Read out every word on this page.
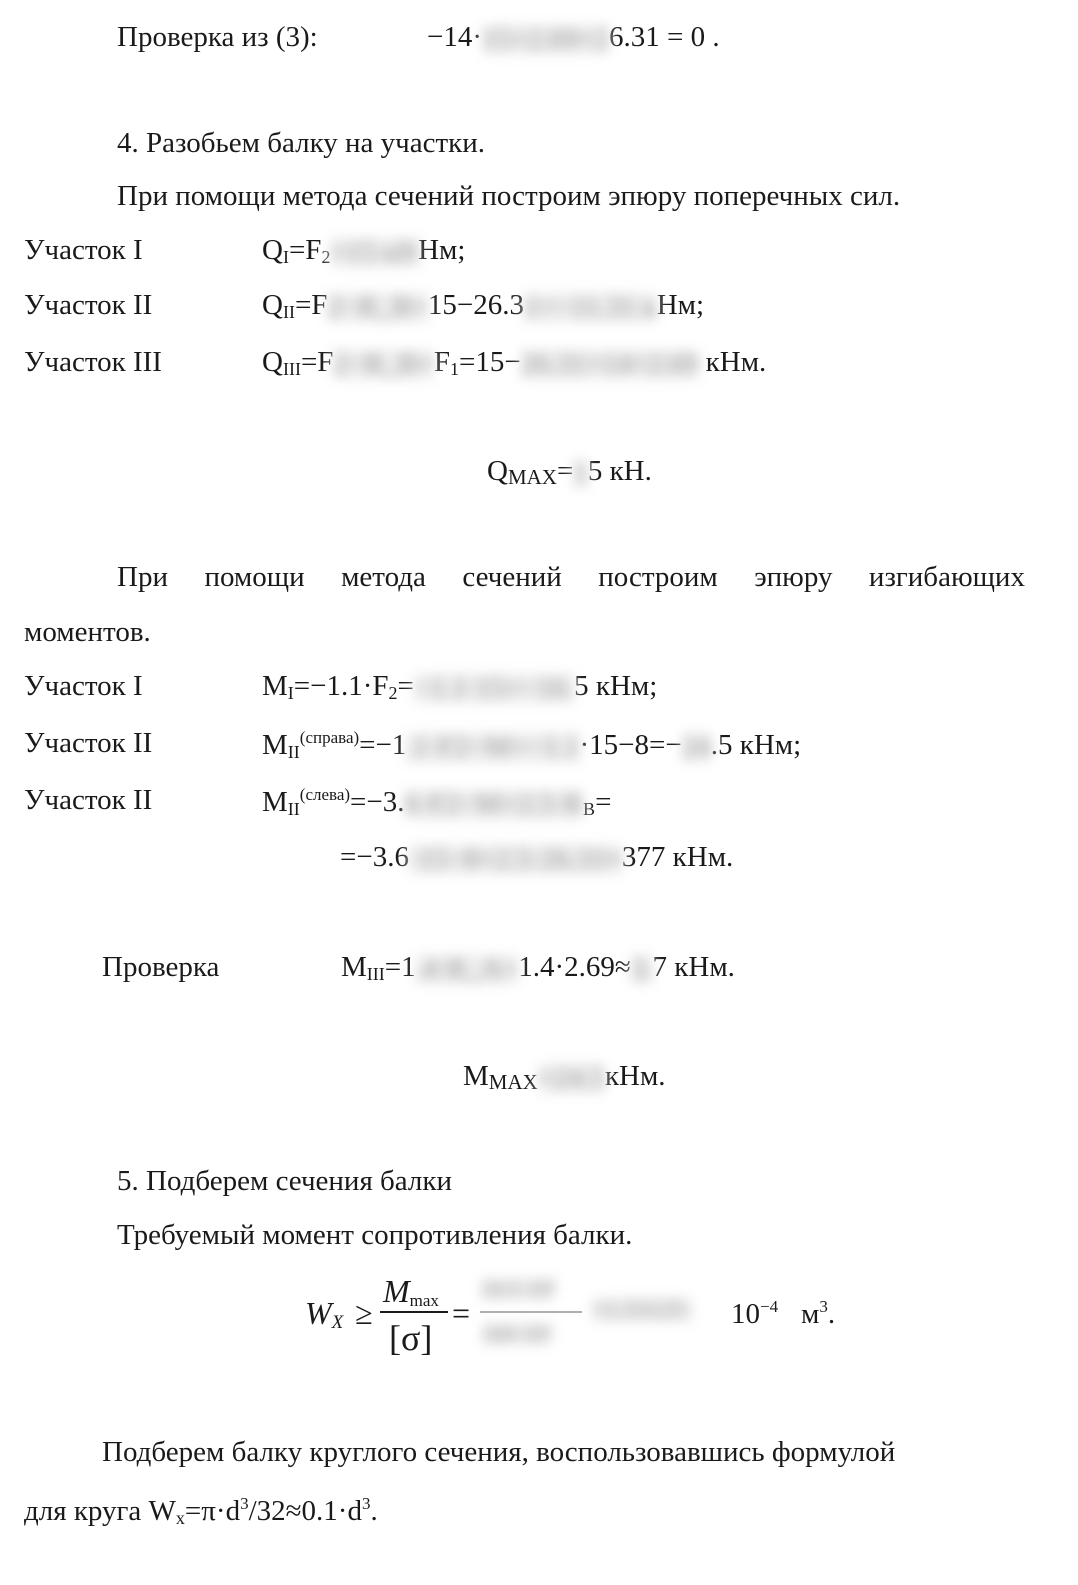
Проверка из (3):	−14·15+2.69+26.31 = 0 .
4. Разобьем балку на участки.
При помощи метода сечений построим эпюру поперечных сил.
Участок I	$Q_I=F_2=15$ кННм;
Участок II	$Q_{II}=F2-R\_B=15-26.31=-11.31$ кНм;
Участок III	$Q_{III}=F2-R\_B+F_1=15-26.31+14=2.69$ кНм.
$Q_{MAX}=15$ кН.
При помощи метода сечений построим эпюру изгибающих
моментов.
Участок I	$M_I=-1.1\cdot F_2=-1.1\cdot 15=-16.5$ кНм;
Участок II	$M_{II}^{(справа)}=-1.1\cdot F2-M=-1.1\cdot 15-8=-24.5$ кНм;
Участок II	$M_{II}^{(слева)}=-3.6\cdot F2-M+2.5\cdot R_B=$
=−3.6·15−8+2.5·26.31≈377 кНм.
Проверка	$M_{III}=1.4\cdot R\_A=1.4\cdot 2.69\approx 3.7$ кНм.
$M_{MAX}=24.5кНм$.
5. Подберем сечения балки
Требуемый момент сопротивления балки.
$W_X$ ≥
$M_{max}$
[σ]
=
24.5·10³
160·10⁶
$=1.53125\cdot 10^{-4}$ $м^3$.
Подберем балку круглого сечения, воспользовавшись формулой
для круга $W_x=\pi\cdot d^3/32\approx 0.1\cdot d^3$.
